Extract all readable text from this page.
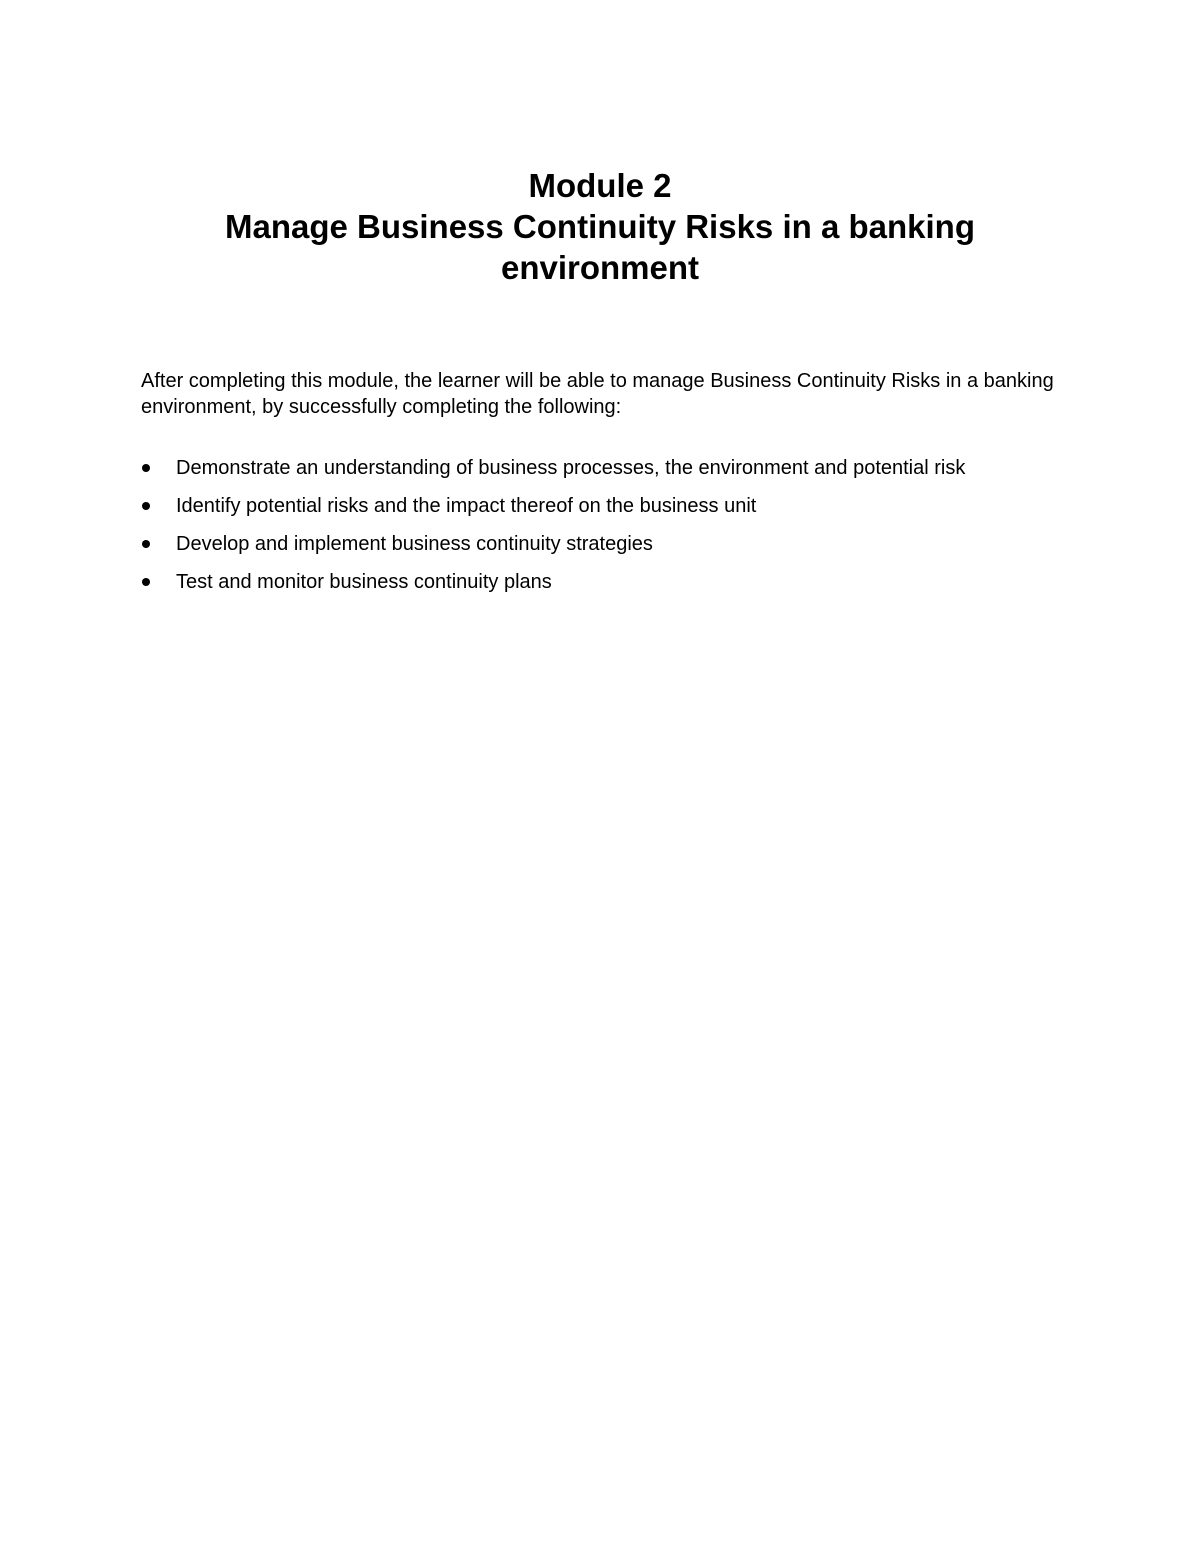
Module 2
Manage Business Continuity Risks in a banking
environment

After completing this module, the learner will be able to manage Business Continuity Risks in a banking environment, by successfully completing the following:

Demonstrate an understanding of business processes, the environment and potential risk
Identify potential risks and the impact thereof on the business unit
Develop and implement business continuity strategies
Test and monitor business continuity plans
